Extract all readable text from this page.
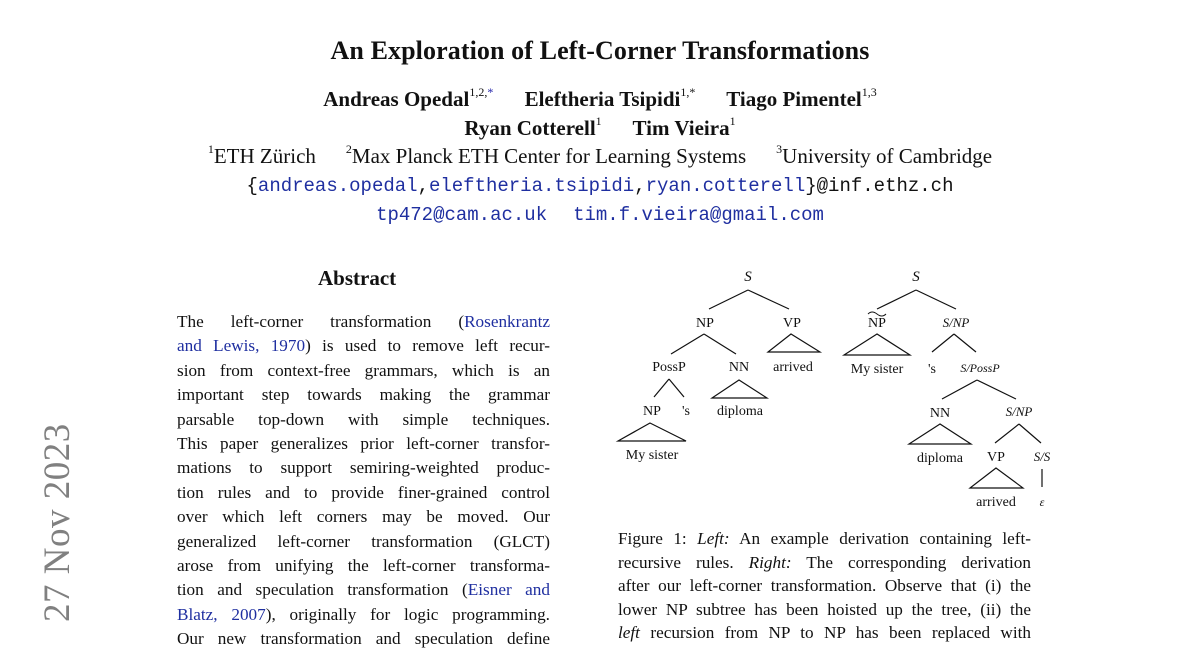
An Exploration of Left-Corner Transformations
Andreas Opedal$^{1,2,*}$ Eleftheria Tsipidi$^{1,*}$ Tiago Pimentel$^{1,3}$
Ryan Cotterell$^1$ Tim Vieira$^1$
$^1$ETH Zürich	$^2$Max Planck ETH Center for Learning Systems	$^3$University of Cambridge
{andreas.opedal,eleftheria.tsipidi,ryan.cotterell}@inf.ethz.ch
tp472@cam.ac.uk tim.f.vieira@gmail.com
27 Nov 2023
Abstract
The left-corner transformation (Rosenkrantz
and Lewis, 1970) is used to remove left recur-
sion from context-free grammars, which is an
important step towards making the grammar
parsable top-down with simple techniques.
This paper generalizes prior left-corner transfor-
mations to support semiring-weighted produc-
tion rules and to provide finer-grained control
over which left corners may be moved. Our
generalized left-corner transformation (GLCT)
arose from unifying the left-corner transforma-
tion and speculation transformation (Eisner and
Blatz, 2007), originally for logic programming.
Our new transformation and speculation define
S
NP	VP
PossP	NN arrived
NP 's diploma
My sister
S
NP	S/NP
My sister 's S/PossP
NN	S/NP
diploma VP S/S
arrived ε
Figure 1: Left: An example derivation containing left-
recursive rules. Right: The corresponding derivation
after our left-corner transformation. Observe that (i) the
lower NP subtree has been hoisted up the tree, (ii) the
left recursion from NP to NP has been replaced with
